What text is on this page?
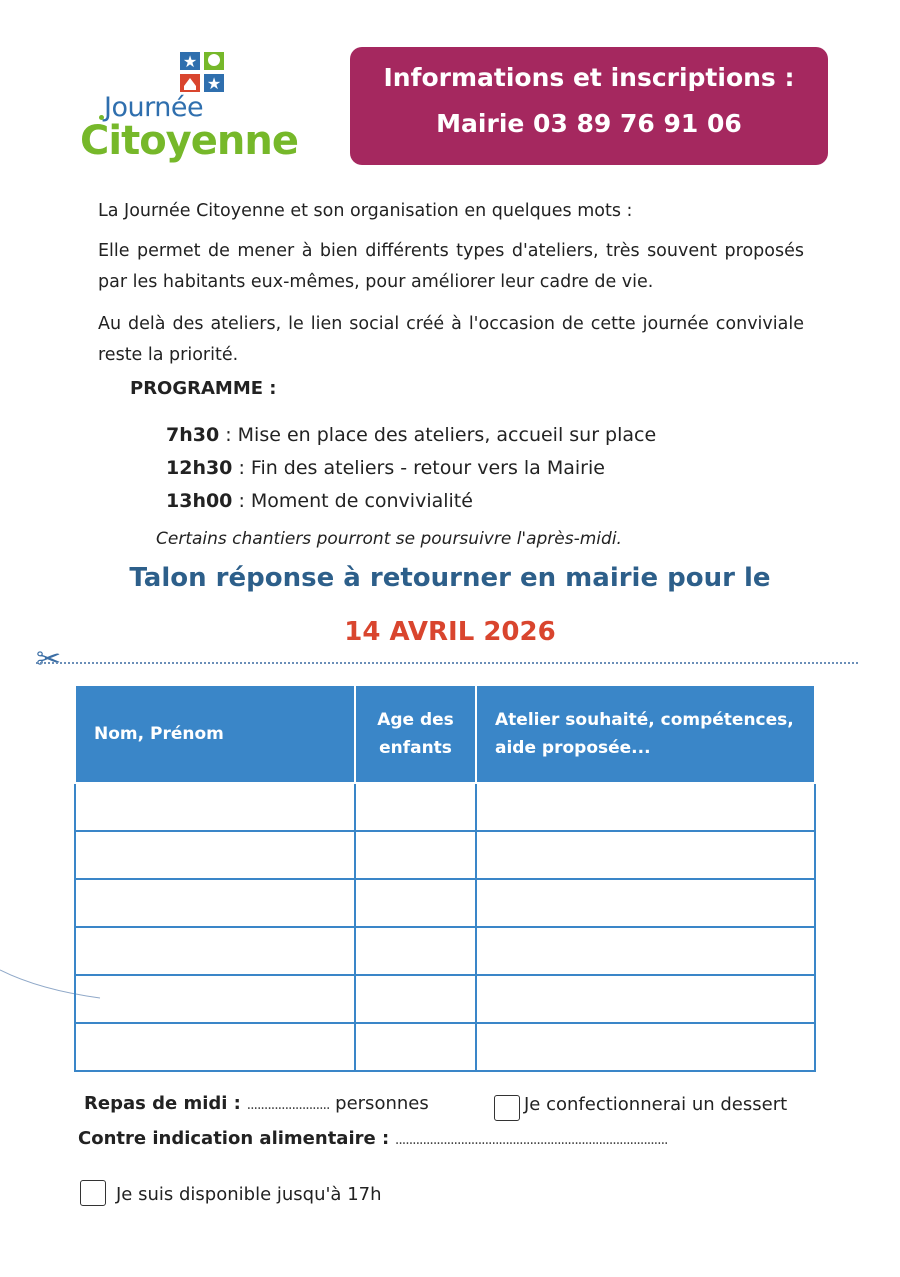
★
★
Journée
Citoyenne
Informations et inscriptions :
Mairie 03 89 76 91 06
La Journée Citoyenne et son organisation en quelques mots :
Elle permet de mener à bien différents types d'ateliers, très souvent proposés par les habitants eux-mêmes, pour améliorer leur cadre de vie.
Au delà des ateliers, le lien social créé à l'occasion de cette journée conviviale reste la priorité.
PROGRAMME :
7h30 : Mise en place des ateliers, accueil sur place
12h30 : Fin des ateliers - retour vers la Mairie
13h00 : Moment de convivialité
Certains chantiers pourront se poursuivre l'après-midi.
Talon réponse à retourner en mairie pour le
14 AVRIL 2026
✂
Nom, Prénom	Age des enfants	Atelier souhaité, compétences, aide proposée...

Repas de midi : ........................ personnes	Je confectionnerai un dessert
Contre indication alimentaire : ...............................................................................
Je suis disponible jusqu'à 17h
